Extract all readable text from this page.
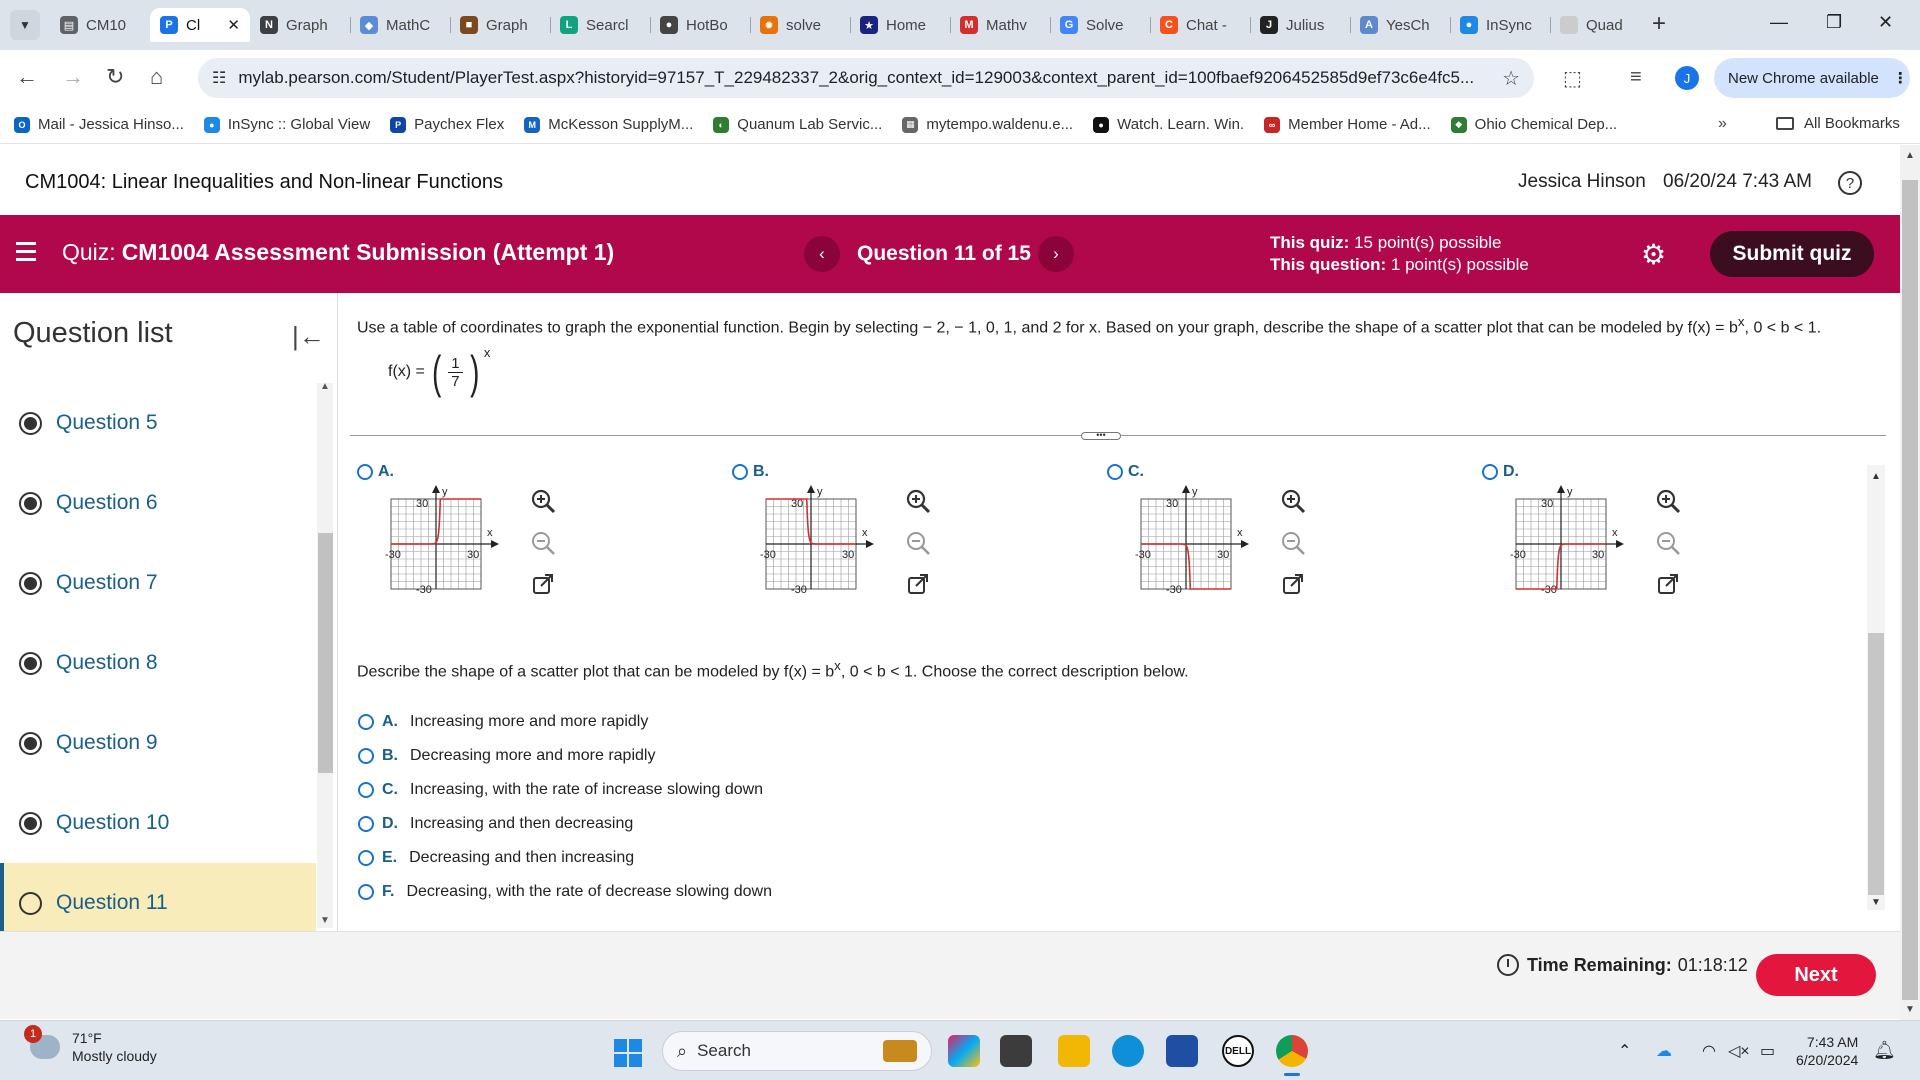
▼	▤ CM10	P Cl ✕	N Graph	◆ MathC	■ Graph	L Searcl	● HotBo	✹ solve	★ Home	M Mathv	G Solve	C Chat -	J Julius	A YesCh	● InSync	Quad +	— ❐ ✕
← → ↻ ⌂	☷ mylab.pearson.com/Student/PlayerTest.aspx?historyid=97157_T_229482337_2&orig_context_id=129003&context_parent_id=100fbaef9206452585d9ef73c6e4fc5... ☆ ⬚ ≡	J	New Chrome available ⋮
O Mail - Jessica Hinso...	● InSync :: Global View	P Paychex Flex	M McKesson SupplyM...	◐ Quanum Lab Servic...	▦ mytempo.waldenu.e...	● Watch. Learn. Win.	∞ Member Home - Ad...	◆ Ohio Chemical Dep...	»	All Bookmarks
CM1004: Linear Inequalities and Non-linear Functions	Jessica Hinson 06/20/24 7:43 AM	?
Quiz: CM1004 Assessment Submission (Attempt 1)	‹	Question 11 of 15	›
This quiz: 15 point(s) possible
This question: 1 point(s) possible	⚙	Submit quiz
Question list	|←
Question 5
Question 6
Question 7
Question 8
Question 9
Question 10
Question 11
▲
▼
Use a table of coordinates to graph the exponential function. Begin by selecting − 2, − 1, 0, 1, and 2 for x. Based on your graph, describe the shape of a scatter plot that can be modeled by $f(x) = b^x$, 0 < b < 1.
f(x) = ( $\frac{1}{7}$ ) x
•••
A.
y
x
30
-30
-30	30
B.
y
x
30
-30
-30	30
C.
y
x
30
-30
-30	30
D.
y
x
30
-30
-30	30
Describe the shape of a scatter plot that can be modeled by $f(x) = b^x$, 0 < b < 1. Choose the correct description below.
A. Increasing more and more rapidly
B. Decreasing more and more rapidly
C. Increasing, with the rate of increase slowing down
D. Increasing and then decreasing
E. Decreasing and then increasing
F. Decreasing, with the rate of decrease slowing down
▲
▼
Time Remaining: 01:18:12	Next
▲
▼
1	71°F
Mostly cloudy	⌕ Search	DELL	⌃ ☁ ◠ ◁× ▭
7:43 AM
6/20/2024 🔔︎
